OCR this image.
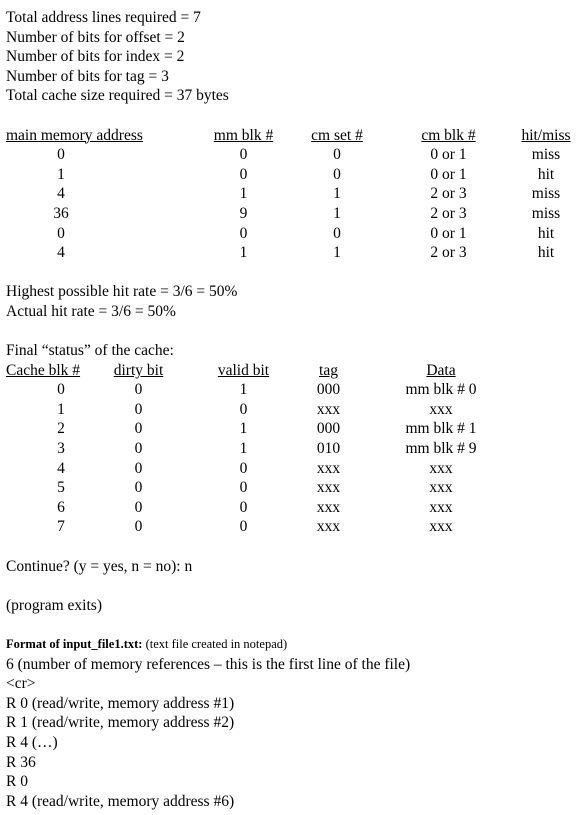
Total address lines required = 7
Number of bits for offset = 2
Number of bits for index = 2
Number of bits for tag = 3
Total cache size required = 37 bytes
main memory address	mm blk #	cm set #	cm blk #	hit/miss
0	0	0	0 or 1	miss
1	0	0	0 or 1	hit
4	1	1	2 or 3	miss
36	9	1	2 or 3	miss
0	0	0	0 or 1	hit
4	1	1	2 or 3	hit
Highest possible hit rate = 3/6 = 50%
Actual hit rate = 3/6 = 50%
Final “status” of the cache:
Cache blk #	dirty bit	valid bit	tag	Data
0	0	1	000	mm blk # 0
1	0	0	xxx	xxx
2	0	1	000	mm blk # 1
3	0	1	010	mm blk # 9
4	0	0	xxx	xxx
5	0	0	xxx	xxx
6	0	0	xxx	xxx
7	0	0	xxx	xxx
Continue? (y = yes, n = no): n
(program exits)
Format of input_file1.txt: (text file created in notepad)
6 (number of memory references – this is the first line of the file)
<cr>
R 0 (read/write, memory address #1)
R 1 (read/write, memory address #2)
R 4 (…)
R 36
R 0
R 4 (read/write, memory address #6)
